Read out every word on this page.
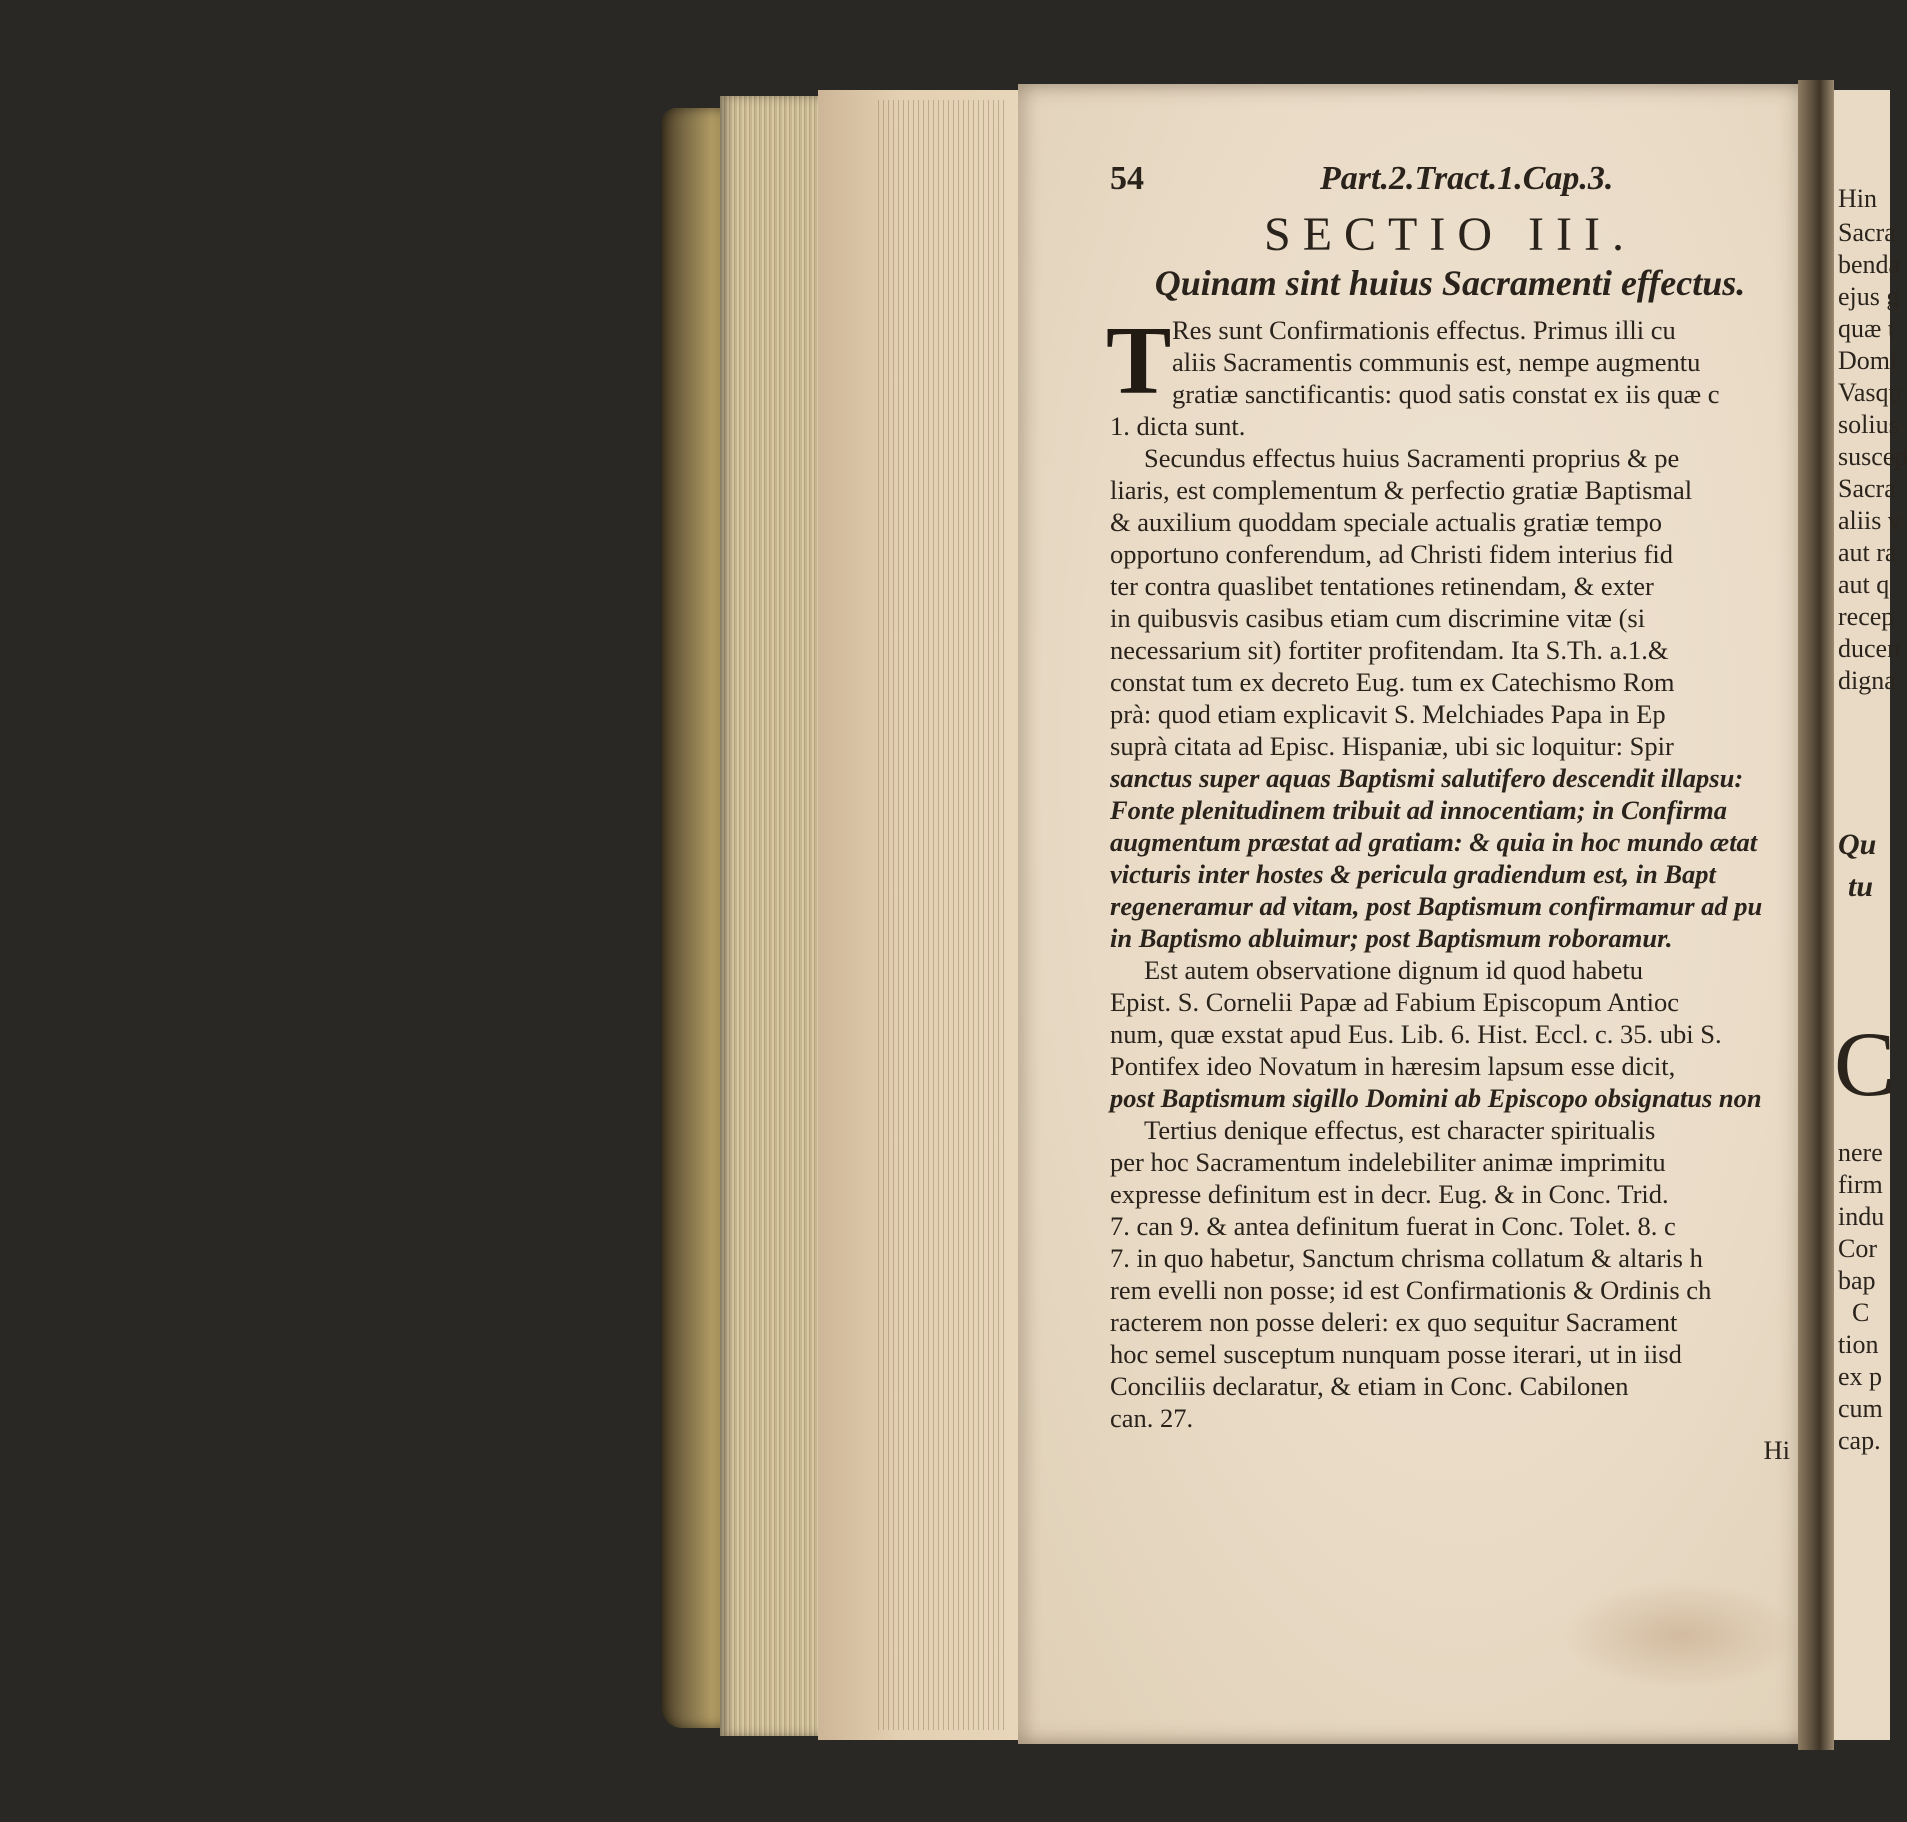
Hin
Sacra
benda
ejus g
quæ t
Domi
Vasqu
solius
suscep
Sacra
aliis v
aut ra
aut q
recep
ducen
digna
Qu
tu
C
nere
firm
indu
Cor
bap
C
tion
ex p
cum
cap.
54	Part.2.Tract.1.Cap.3.
SECTIO III.
Quinam sint huius Sacramenti effectus.
T Res sunt Confirmationis effectus. Primus illi cu
aliis Sacramentis communis est, nempe augmentu
gratiæ sanctificantis: quod satis constat ex iis quæ c
1. dicta sunt.
Secundus effectus huius Sacramenti proprius & pe
liaris, est complementum & perfectio gratiæ Baptismal
& auxilium quoddam speciale actualis gratiæ tempo
opportuno conferendum, ad Christi fidem interius fid
ter contra quaslibet tentationes retinendam, & exter
in quibusvis casibus etiam cum discrimine vitæ (si
necessarium sit) fortiter profitendam. Ita S.Th. a.1.&
constat tum ex decreto Eug. tum ex Catechismo Rom
prà: quod etiam explicavit S. Melchiades Papa in Ep
suprà citata ad Episc. Hispaniæ, ubi sic loquitur: Spir
sanctus super aquas Baptismi salutifero descendit illapsu:
Fonte plenitudinem tribuit ad innocentiam; in Confirma
augmentum præstat ad gratiam: & quia in hoc mundo ætat
victuris inter hostes & pericula gradiendum est, in Bapt
regeneramur ad vitam, post Baptismum confirmamur ad pu
in Baptismo abluimur; post Baptismum roboramur.
Est autem observatione dignum id quod habetu
Epist. S. Cornelii Papæ ad Fabium Episcopum Antioc
num, quæ exstat apud Eus. Lib. 6. Hist. Eccl. c. 35. ubi S.
Pontifex ideo Novatum in hæresim lapsum esse dicit,
post Baptismum sigillo Domini ab Episcopo obsignatus non
Tertius denique effectus, est character spiritualis
per hoc Sacramentum indelebiliter animæ imprimitu
expresse definitum est in decr. Eug. & in Conc. Trid.
7. can 9. & antea definitum fuerat in Conc. Tolet. 8. c
7. in quo habetur, Sanctum chrisma collatum & altaris h
rem evelli non posse; id est Confirmationis & Ordinis ch
racterem non posse deleri: ex quo sequitur Sacrament
hoc semel susceptum nunquam posse iterari, ut in iisd
Conciliis declaratur, & etiam in Conc. Cabilonen
can. 27.
Hi
